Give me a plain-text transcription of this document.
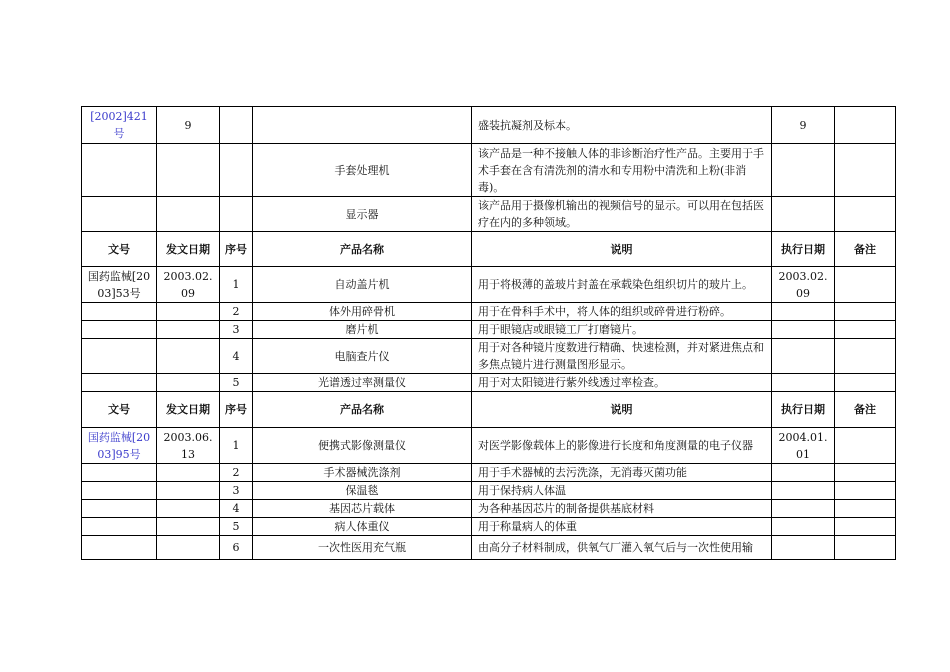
[2002]421号	9			盛装抗凝剂及标本。	9	
			手套处理机	该产品是一种不接触人体的非诊断治疗性产品。主要用于手术手套在含有清洗剂的清水和专用粉中清洗和上粉(非消毒)。		
			显示器	该产品用于摄像机输出的视频信号的显示。可以用在包括医疗在内的多种领域。		
文号	发文日期	序号	产品名称	说明	执行日期	备注
国药监械[2003]53号	2003.02.09	1	自动盖片机	用于将极薄的盖玻片封盖在承载染色组织切片的玻片上。	2003.02.09	
		2	体外用碎骨机	用于在骨科手术中，将人体的组织或碎骨进行粉碎。		
		3	磨片机	用于眼镜店或眼镜工厂打磨镜片。		
		4	电脑查片仪	用于对各种镜片度数进行精确、快速检测，并对紧进焦点和多焦点镜片进行测量图形显示。		
		5	光谱透过率测量仪	用于对太阳镜进行紫外线透过率检查。		
文号	发文日期	序号	产品名称	说明	执行日期	备注
国药监械[2003]95号	2003.06.13	1	便携式影像测量仪	对医学影像载体上的影像进行长度和角度测量的电子仪器	2004.01.01	
		2	手术器械洗涤剂	用于手术器械的去污洗涤，无消毒灭菌功能		
		3	保温毯	用于保持病人体温		
		4	基因芯片载体	为各种基因芯片的制备提供基底材料		
		5	病人体重仪	用于称量病人的体重		
		6	一次性医用充气瓶	由高分子材料制成，供氧气厂灌入氧气后与一次性使用输		
